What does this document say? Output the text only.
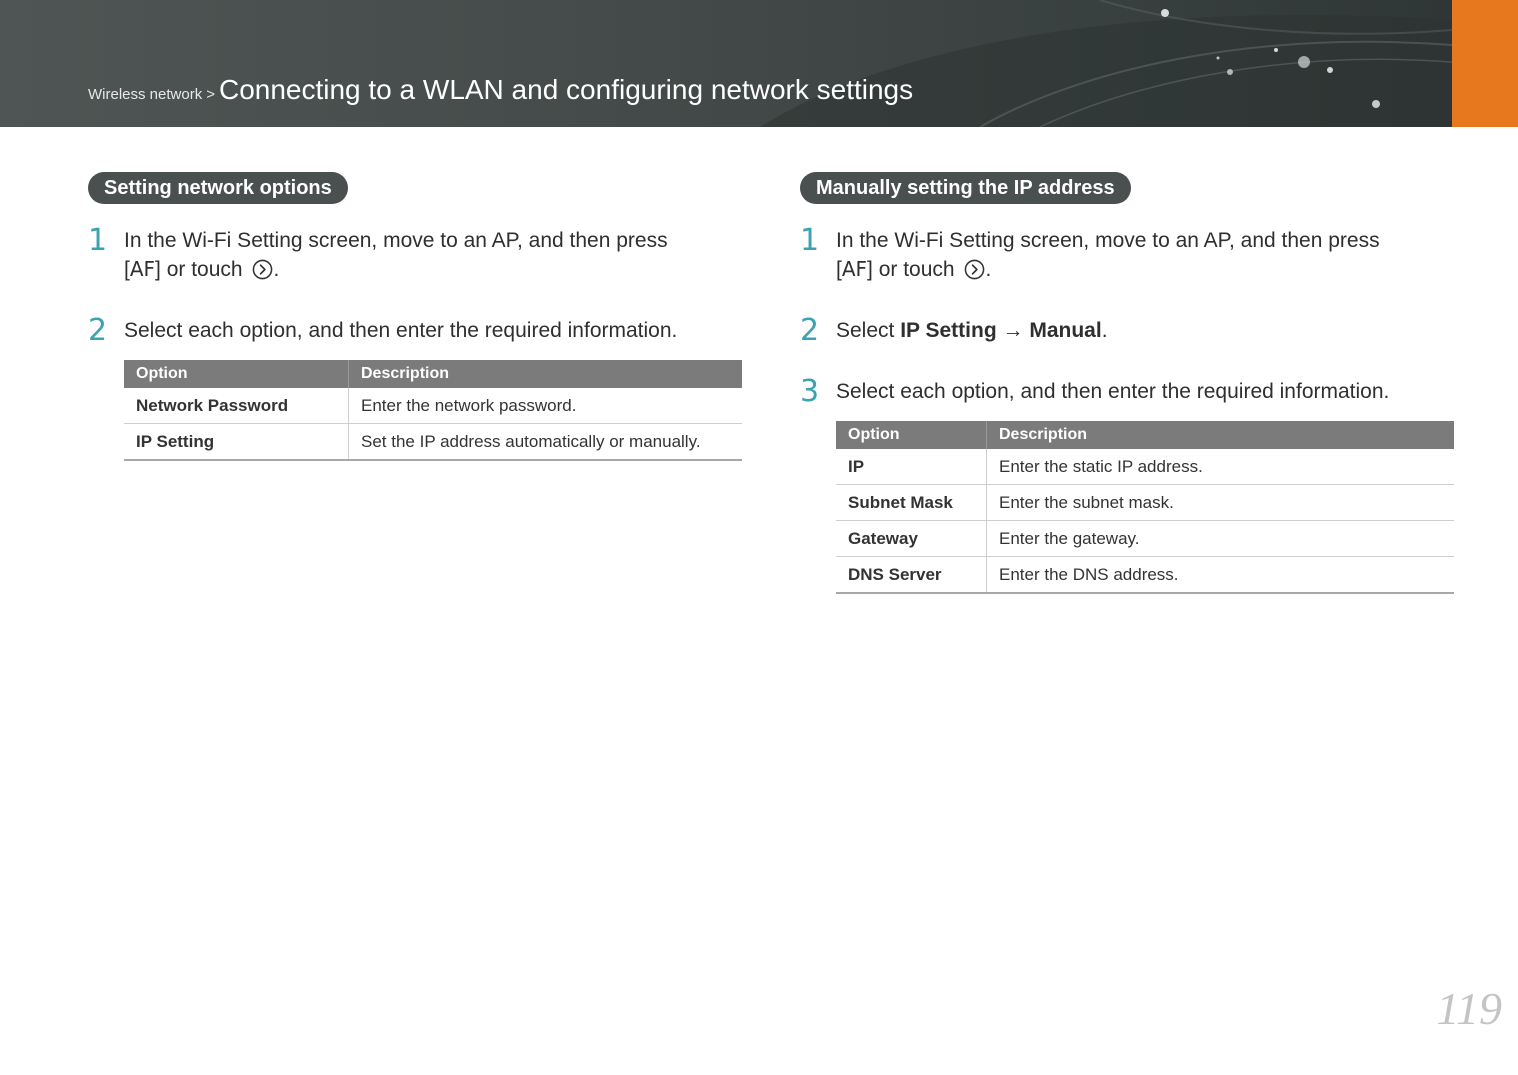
Wireless network > Connecting to a WLAN and conﬁguring network settings
Setting network options
1 In the Wi-Fi Setting screen, move to an AP, and then press
[AF] or touch .
2 Select each option, and then enter the required information.
Option	Description
Network Password	Enter the network password.
IP Setting	Set the IP address automatically or manually.
Manually setting the IP address
1 In the Wi-Fi Setting screen, move to an AP, and then press
[AF] or touch .
2 Select IP Setting → Manual.
3 Select each option, and then enter the required information.
Option	Description
IP	Enter the static IP address.
Subnet Mask	Enter the subnet mask.
Gateway	Enter the gateway.
DNS Server	Enter the DNS address.
119
